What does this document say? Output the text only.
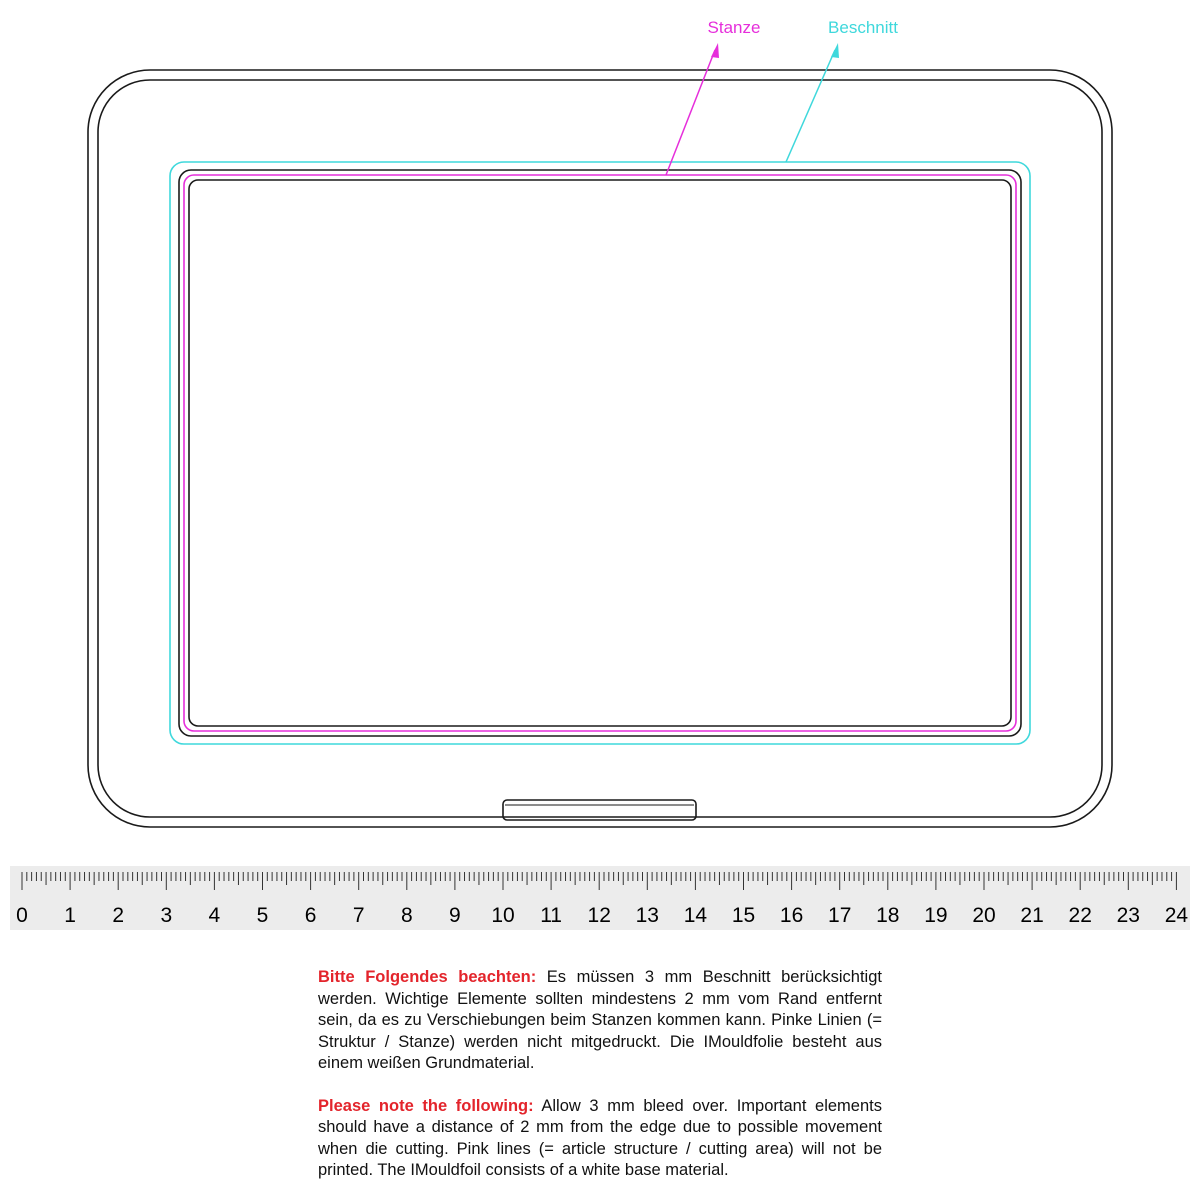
Stanze	Beschnitt
0 1 2 3 4 5 6 7 8 9 10 11 12 13 14 15 16 17 18 19 20 21 22 23 24

Bitte Folgendes beachten: Es müssen 3 mm Beschnitt berücksichtigt werden. Wichtige Elemente sollten mindestens 2 mm vom Rand entfernt sein, da es zu Verschiebungen beim Stanzen kommen kann. Pinke Linien (= Struktur / Stanze) werden nicht mitgedruckt. Die IMouldfolie besteht aus einem weißen Grundmaterial.

Please note the following: Allow 3 mm bleed over. Important elements should have a distance of 2 mm from the edge due to possible movement when die cutting. Pink lines (= article structure / cutting area) will not be printed. The IMouldfoil consists of a white base material.
